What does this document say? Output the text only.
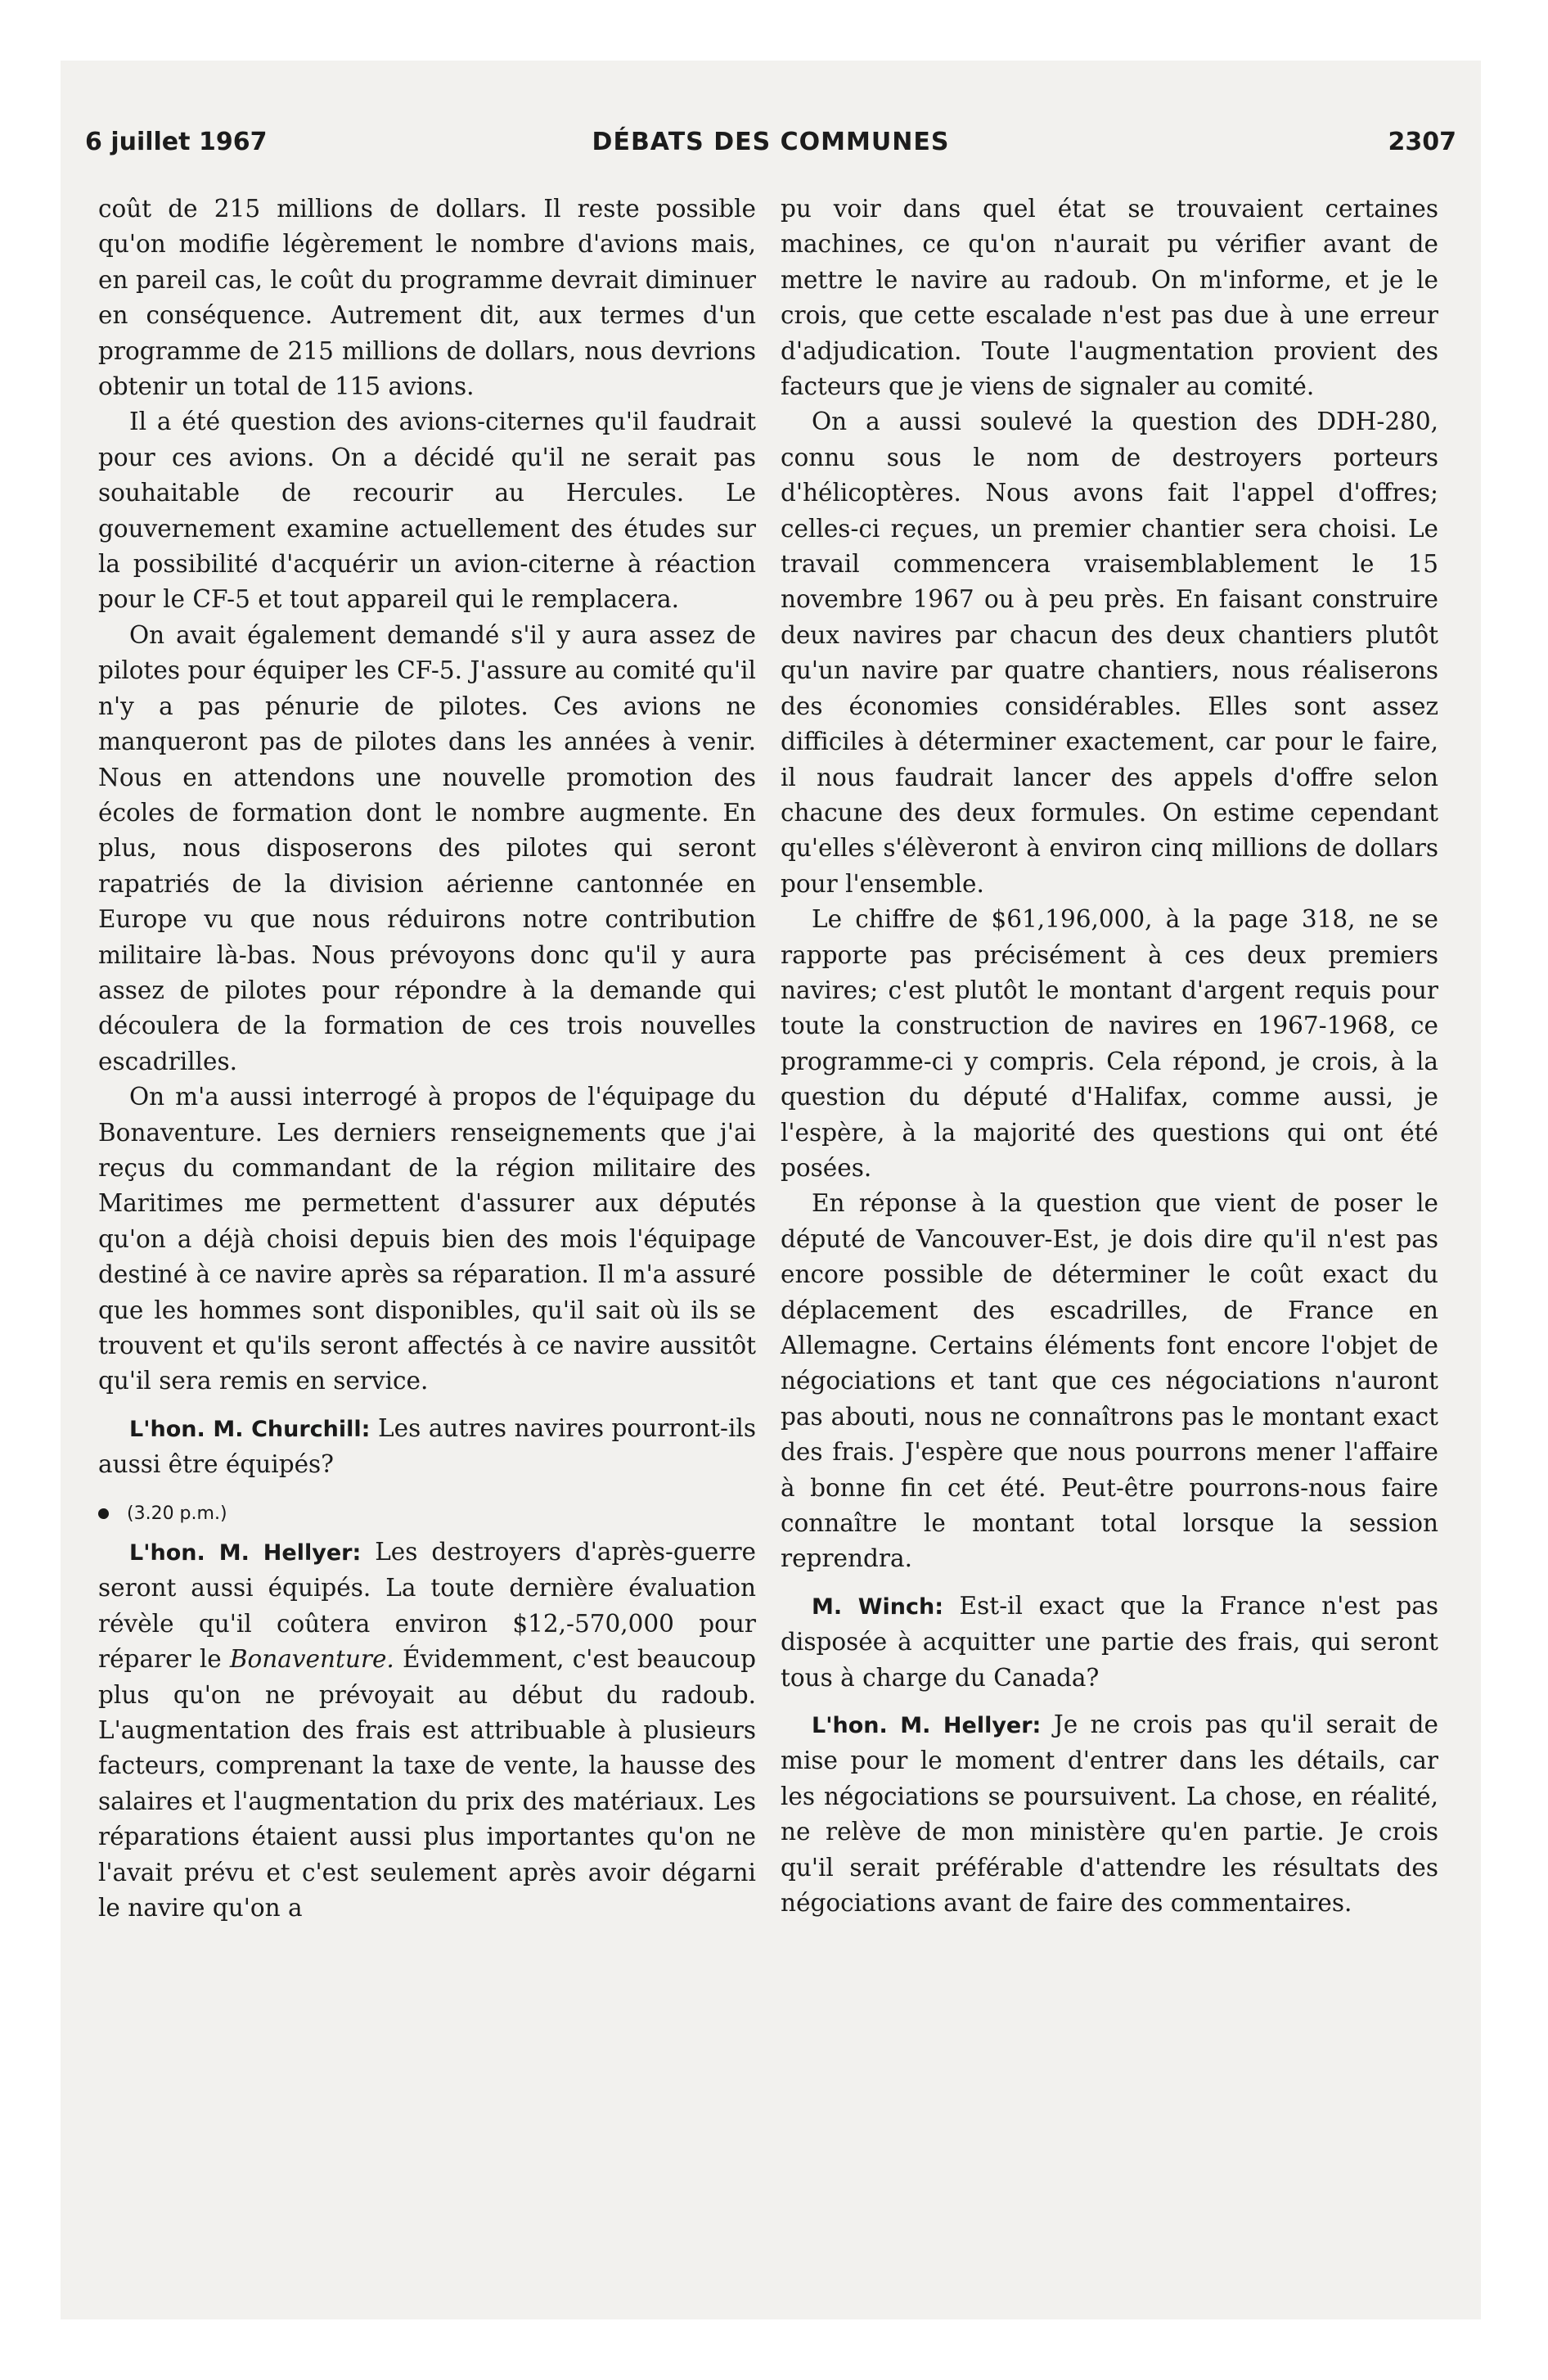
6 juillet 1967	DÉBATS DES COMMUNES	2307

coût de 215 millions de dollars. Il reste possible qu'on modifie légèrement le nombre d'avions mais, en pareil cas, le coût du programme devrait diminuer en conséquence. Autrement dit, aux termes d'un programme de 215 millions de dollars, nous devrions obtenir un total de 115 avions.

Il a été question des avions-citernes qu'il faudrait pour ces avions. On a décidé qu'il ne serait pas souhaitable de recourir au Hercules. Le gouvernement examine actuellement des études sur la possibilité d'acquérir un avion-citerne à réaction pour le CF-5 et tout appareil qui le remplacera.

On avait également demandé s'il y aura assez de pilotes pour équiper les CF-5. J'assure au comité qu'il n'y a pas pénurie de pilotes. Ces avions ne manqueront pas de pilotes dans les années à venir. Nous en attendons une nouvelle promotion des écoles de formation dont le nombre augmente. En plus, nous disposerons des pilotes qui seront rapatriés de la division aérienne cantonnée en Europe vu que nous réduirons notre contribution militaire là-bas. Nous prévoyons donc qu'il y aura assez de pilotes pour répondre à la demande qui découlera de la formation de ces trois nouvelles escadrilles.

On m'a aussi interrogé à propos de l'équipage du Bonaventure. Les derniers renseignements que j'ai reçus du commandant de la région militaire des Maritimes me permettent d'assurer aux députés qu'on a déjà choisi depuis bien des mois l'équipage destiné à ce navire après sa réparation. Il m'a assuré que les hommes sont disponibles, qu'il sait où ils se trouvent et qu'ils seront affectés à ce navire aussitôt qu'il sera remis en service.

L'hon. M. Churchill: Les autres navires pourront-ils aussi être équipés?

(3.20 p.m.)

L'hon. M. Hellyer: Les destroyers d'après-guerre seront aussi équipés. La toute dernière évaluation révèle qu'il coûtera environ $12,-570,000 pour réparer le Bonaventure. Évidemment, c'est beaucoup plus qu'on ne prévoyait au début du radoub. L'augmentation des frais est attribuable à plusieurs facteurs, comprenant la taxe de vente, la hausse des salaires et l'augmentation du prix des matériaux. Les réparations étaient aussi plus importantes qu'on ne l'avait prévu et c'est seulement après avoir dégarni le navire qu'on a

pu voir dans quel état se trouvaient certaines machines, ce qu'on n'aurait pu vérifier avant de mettre le navire au radoub. On m'informe, et je le crois, que cette escalade n'est pas due à une erreur d'adjudication. Toute l'augmentation provient des facteurs que je viens de signaler au comité.

On a aussi soulevé la question des DDH-280, connu sous le nom de destroyers porteurs d'hélicoptères. Nous avons fait l'appel d'offres; celles-ci reçues, un premier chantier sera choisi. Le travail commencera vraisemblablement le 15 novembre 1967 ou à peu près. En faisant construire deux navires par chacun des deux chantiers plutôt qu'un navire par quatre chantiers, nous réaliserons des économies considérables. Elles sont assez difficiles à déterminer exactement, car pour le faire, il nous faudrait lancer des appels d'offre selon chacune des deux formules. On estime cependant qu'elles s'élèveront à environ cinq millions de dollars pour l'ensemble.

Le chiffre de $61,196,000, à la page 318, ne se rapporte pas précisément à ces deux premiers navires; c'est plutôt le montant d'argent requis pour toute la construction de navires en 1967-1968, ce programme-ci y compris. Cela répond, je crois, à la question du député d'Halifax, comme aussi, je l'espère, à la majorité des questions qui ont été posées.

En réponse à la question que vient de poser le député de Vancouver-Est, je dois dire qu'il n'est pas encore possible de déterminer le coût exact du déplacement des escadrilles, de France en Allemagne. Certains éléments font encore l'objet de négociations et tant que ces négociations n'auront pas abouti, nous ne connaîtrons pas le montant exact des frais. J'espère que nous pourrons mener l'affaire à bonne fin cet été. Peut-être pourrons-nous faire connaître le montant total lorsque la session reprendra.

M. Winch: Est-il exact que la France n'est pas disposée à acquitter une partie des frais, qui seront tous à charge du Canada?

L'hon. M. Hellyer: Je ne crois pas qu'il serait de mise pour le moment d'entrer dans les détails, car les négociations se poursuivent. La chose, en réalité, ne relève de mon ministère qu'en partie. Je crois qu'il serait préférable d'attendre les résultats des négociations avant de faire des commentaires.
